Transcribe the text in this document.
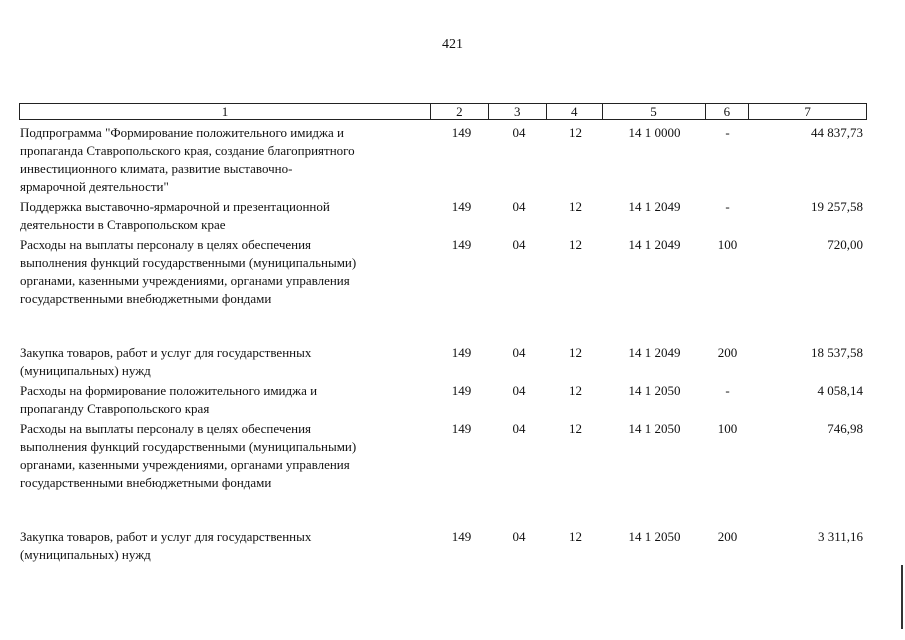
421
1	2	3	4	5	6	7
Подпрограмма "Формирование положительного имиджа и
пропаганда Ставропольского края, создание благоприятного
инвестиционного климата, развитие выставочно-
ярмарочной деятельности"
149	04	12	14 1 0000	-	44 837,73
Поддержка выставочно-ярмарочной и презентационной
деятельности в Ставропольском крае
149	04	12	14 1 2049	-	19 257,58
Расходы на выплаты персоналу в целях обеспечения
выполнения функций государственными (муниципальными)
органами, казенными учреждениями, органами управления
государственными внебюджетными фондами
149	04	12	14 1 2049	100	720,00
Закупка товаров, работ и услуг для государственных
(муниципальных) нужд
149	04	12	14 1 2049	200	18 537,58
Расходы на формирование положительного имиджа и
пропаганду Ставропольского края
149	04	12	14 1 2050	-	4 058,14
Расходы на выплаты персоналу в целях обеспечения
выполнения функций государственными (муниципальными)
органами, казенными учреждениями, органами управления
государственными внебюджетными фондами
149	04	12	14 1 2050	100	746,98
Закупка товаров, работ и услуг для государственных
(муниципальных) нужд
149	04	12	14 1 2050	200	3 311,16
